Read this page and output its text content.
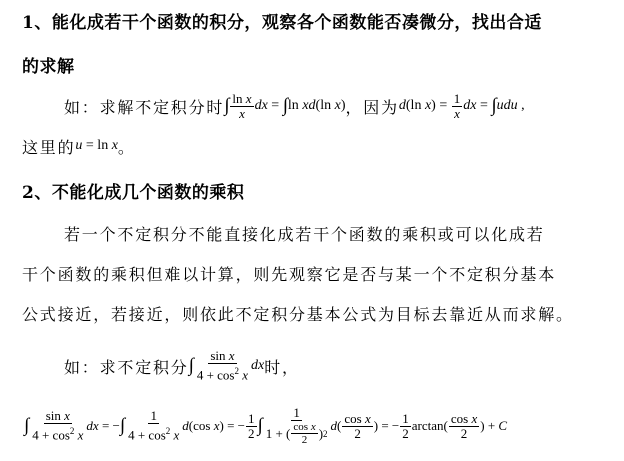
1、能化成若干个函数的积分，观察各个函数能否凑微分，找出合适
的求解
如：求解不定积分时 ∫ $\frac{\text{ln x}}{x}$ dx = ∫ ln
xd (ln
x ) ，因为 d (ln
x ) = $\frac{1}{x}$ dx = ∫ udu ,
这里的 u = ln x 。
2、不能化成几个函数的乘积
若一个不定积分不能直接化成若干个函数的乘积或可以化成若
干个函数的乘积但难以计算，则先观察它是否与某一个不定积分基本
公式接近，若接近，则依此不定积分基本公式为目标去靠近从而求解。
如：求不定积分 ∫ $\frac{\text{sin x}}{4 + \cos^2 x}$ dx 时，
∫ $\frac{\text{sin x}}{4 + \cos^2 x}$ dx = − ∫ $\frac{1}{4 + \cos^2 x}$ d (cos
x ) = − $\frac{1}{2}$ ∫ $\frac{1}{1 + ( \frac{\text{cos x}}{2} ) 2}$ d ( $\frac{\text{cos x}}{2}$ ) = − $\frac{1}{2} \arctan( \frac{\text{cos x}}{2}$ ) + C
